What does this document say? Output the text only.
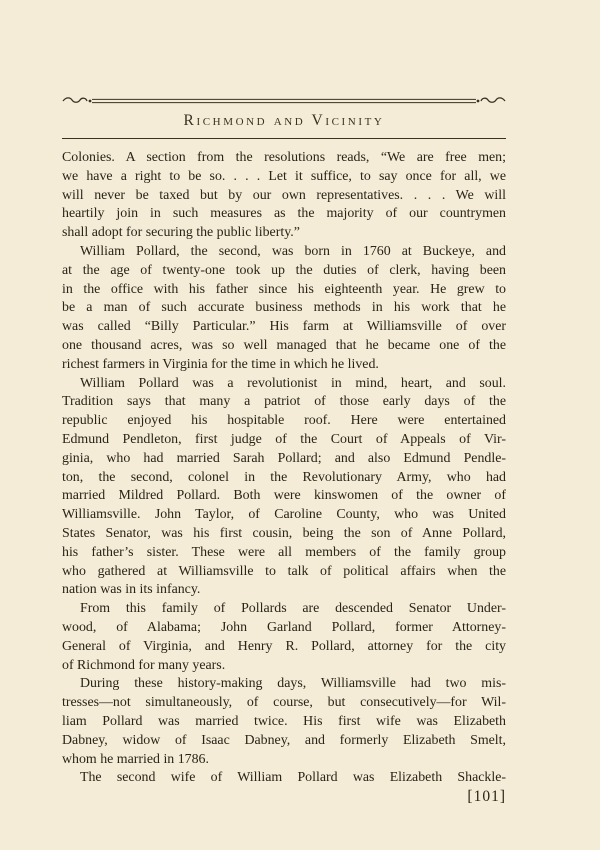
Richmond and Vicinity
Colonies. A section from the resolutions reads, “We are free men;
we have a right to be so. . . . Let it suffice, to say once for all, we
will never be taxed but by our own representatives. . . . We will
heartily join in such measures as the majority of our countrymen
shall adopt for securing the public liberty.”
William Pollard, the second, was born in 1760 at Buckeye, and
at the age of twenty-one took up the duties of clerk, having been
in the office with his father since his eighteenth year. He grew to
be a man of such accurate business methods in his work that he
was called “Billy Particular.” His farm at Williamsville of over
one thousand acres, was so well managed that he became one of the
richest farmers in Virginia for the time in which he lived.
William Pollard was a revolutionist in mind, heart, and soul.
Tradition says that many a patriot of those early days of the
republic enjoyed his hospitable roof. Here were entertained
Edmund Pendleton, first judge of the Court of Appeals of Vir-
ginia, who had married Sarah Pollard; and also Edmund Pendle-
ton, the second, colonel in the Revolutionary Army, who had
married Mildred Pollard. Both were kinswomen of the owner of
Williamsville. John Taylor, of Caroline County, who was United
States Senator, was his first cousin, being the son of Anne Pollard,
his father’s sister. These were all members of the family group
who gathered at Williamsville to talk of political affairs when the
nation was in its infancy.
From this family of Pollards are descended Senator Under-
wood, of Alabama; John Garland Pollard, former Attorney-
General of Virginia, and Henry R. Pollard, attorney for the city
of Richmond for many years.
During these history-making days, Williamsville had two mis-
tresses—not simultaneously, of course, but consecutively—for Wil-
liam Pollard was married twice. His first wife was Elizabeth
Dabney, widow of Isaac Dabney, and formerly Elizabeth Smelt,
whom he married in 1786.
The second wife of William Pollard was Elizabeth Shackle-
[101]
